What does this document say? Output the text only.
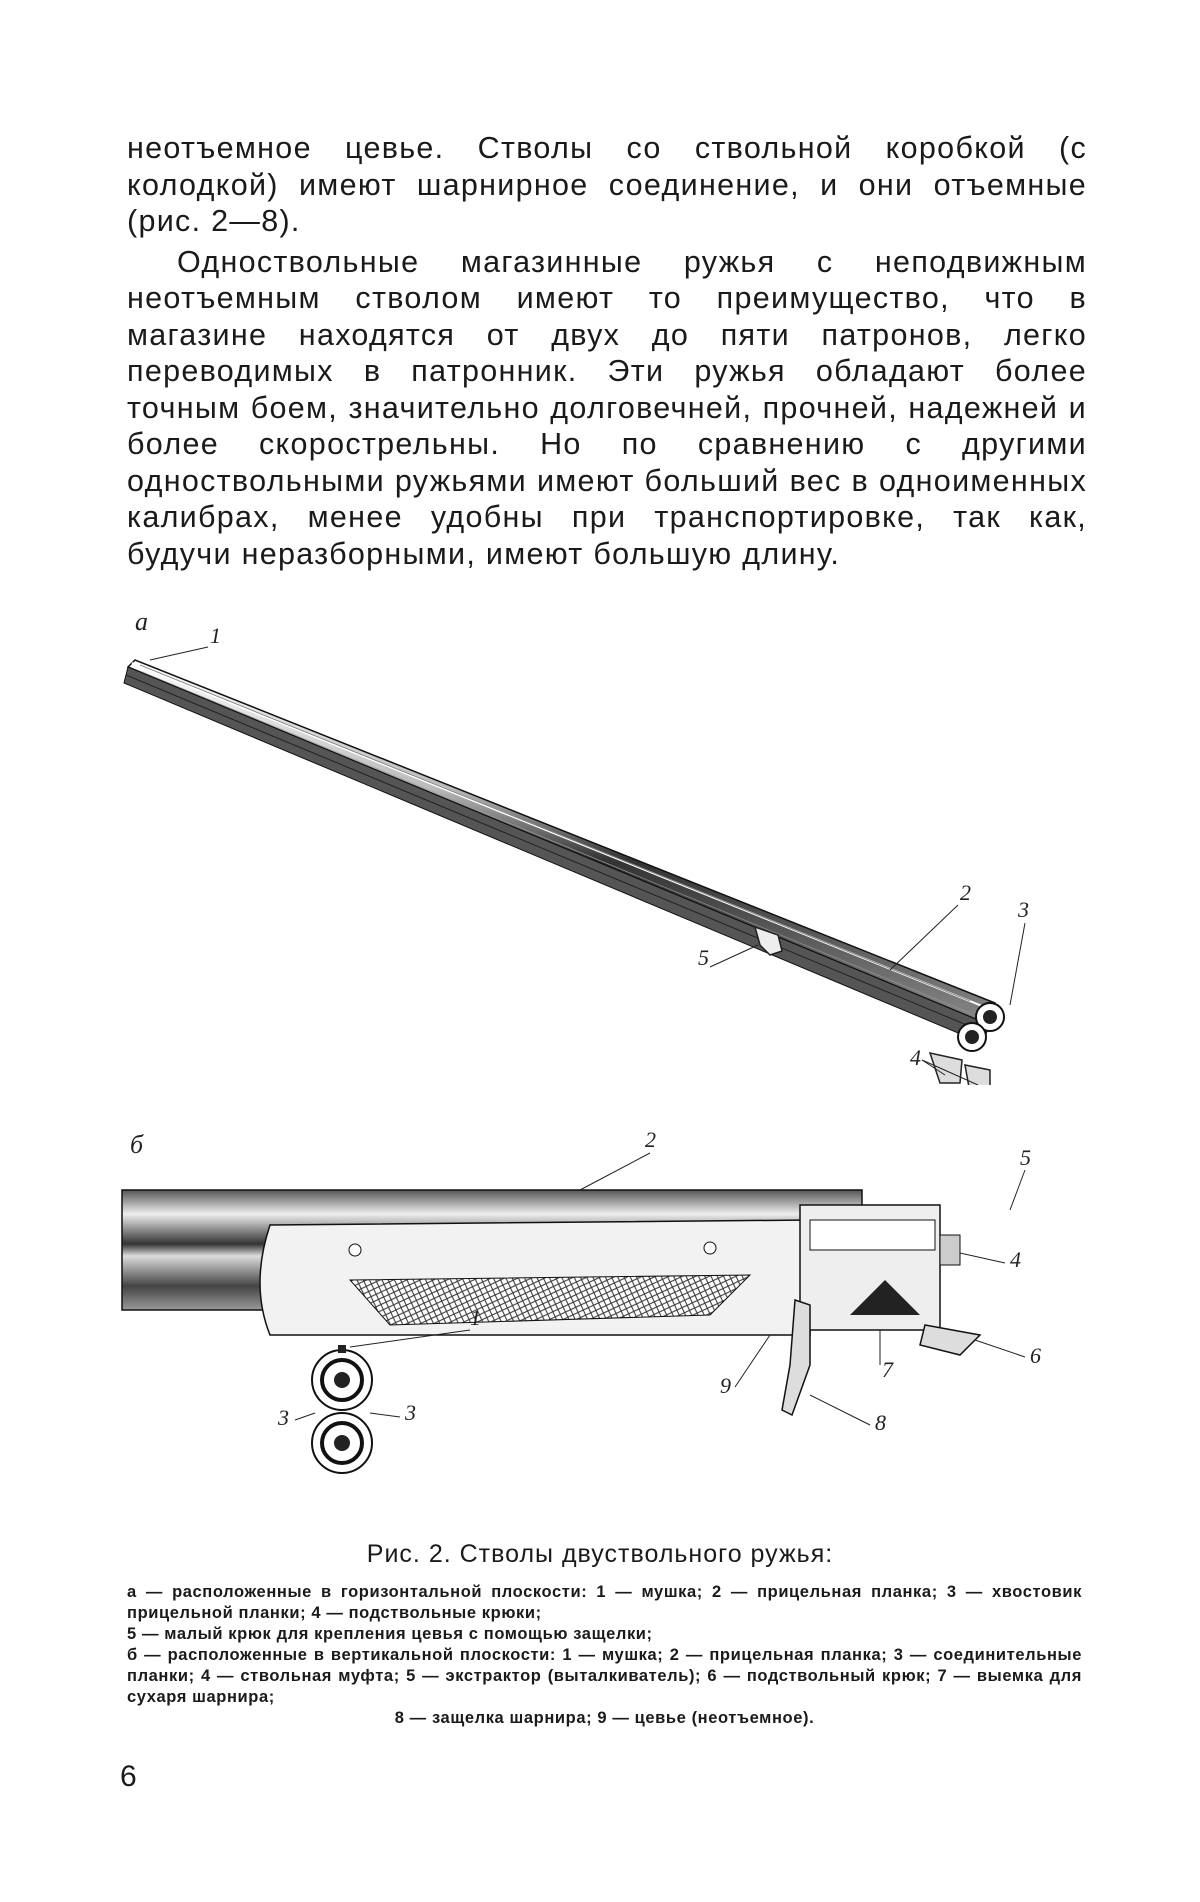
неотъемное цевье. Стволы со ствольной коробкой (с колодкой) имеют шарнирное соединение, и они отъемные (рис. 2—8).

Одноствольные магазинные ружья с неподвижным неотъемным стволом имеют то преимущество, что в магазине находятся от двух до пяти патронов, легко переводимых в патронник. Эти ружья обладают более точным боем, значительно долговечней, прочней, надежней и более скорострельны. Но по сравнению с другими одноствольными ружьями имеют больший вес в одноименных калибрах, менее удобны при транспортировке, так как, будучи неразборными, имеют большую длину.

а	1
2
3
4
5
б
1
2
3	3
4
5
6
7
8
9
Рис. 2. Стволы двуствольного ружья:
а — расположенные в горизонтальной плоскости: 1 — мушка; 2 — прицельная планка; 3 — хвостовик прицельной планки; 4 — подствольные крюки;
5 — малый крюк для крепления цевья с помощью защелки;
б — расположенные в вертикальной плоскости: 1 — мушка; 2 — прицельная планка; 3 — соединительные планки; 4 — ствольная муфта; 5 — экстрактор (выталкиватель); 6 — подствольный крюк; 7 — выемка для сухаря шарнира;
8 — защелка шарнира; 9 — цевье (неотъемное).
6
